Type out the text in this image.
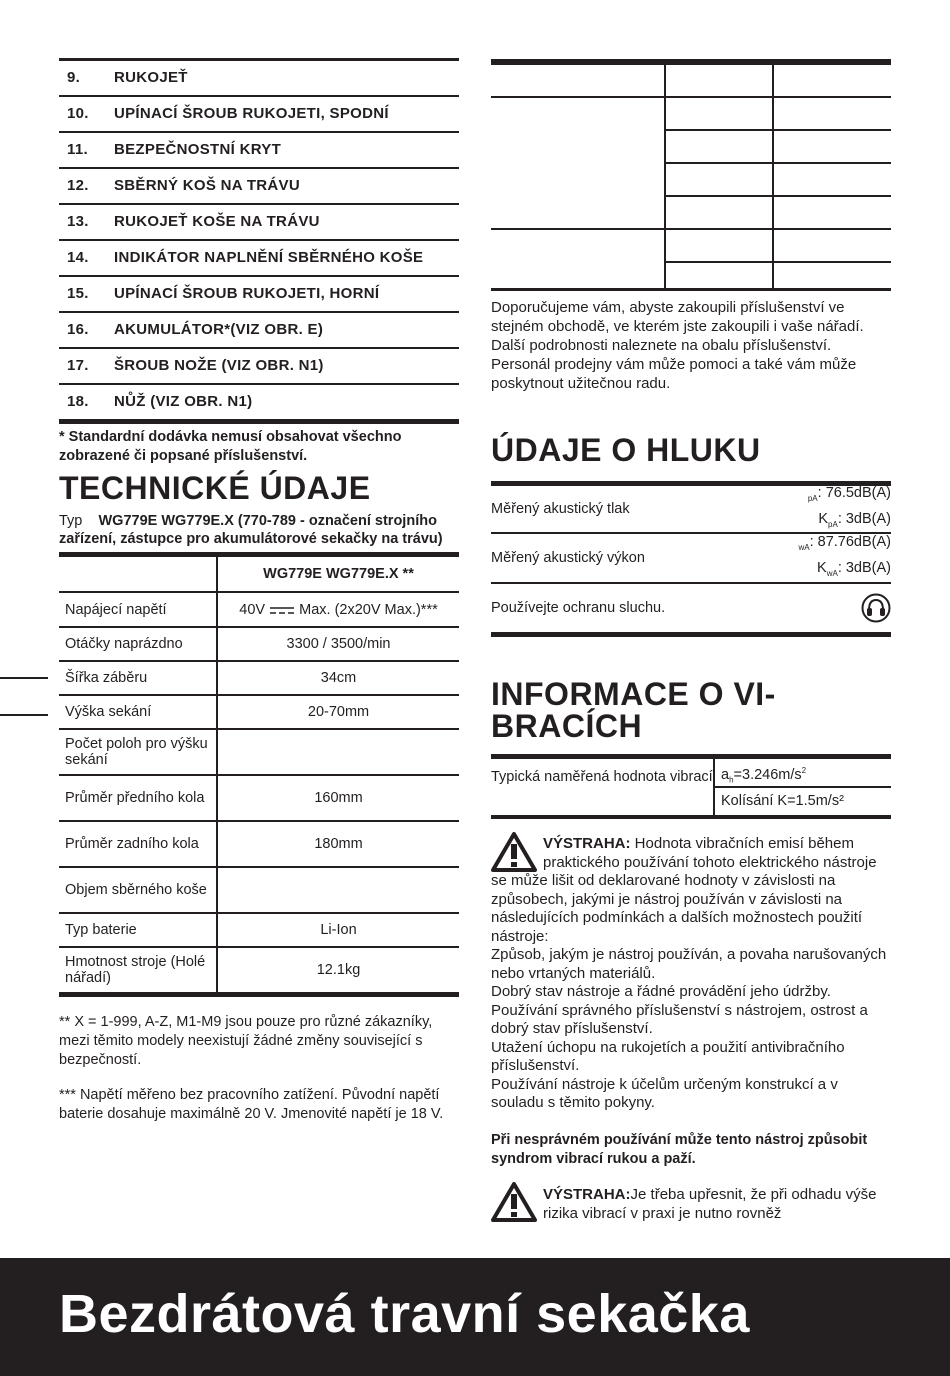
9.	RUKOJEŤ
10.	UPÍNACÍ ŠROUB RUKOJETI, SPODNÍ
11.	BEZPEČNOSTNÍ KRYT
12.	SBĚRNÝ KOŠ NA TRÁVU
13.	RUKOJEŤ KOŠE NA TRÁVU
14.	INDIKÁTOR NAPLNĚNÍ SBĚRNÉHO KOŠE
15.	UPÍNACÍ ŠROUB RUKOJETI, HORNÍ
16.	AKUMULÁTOR*(VIZ OBR. E)
17.	ŠROUB NOŽE (VIZ OBR. N1)
18.	NŮŽ (VIZ OBR. N1)
* Standardní dodávka nemusí obsahovat všechno zobrazené či popsané příslušenství.
TECHNICKÉ ÚDAJE
Typ WG779E WG779E.X (770-789 - označení strojního zařízení, zástupce pro akumulátorové sekačky na trávu)
	WG779E WG779E.X **
Napájecí napětí	40V Max. (2x20V Max.)***
Otáčky naprázdno	3300 / 3500/min
Šířka záběru	34cm
Výška sekání	20-70mm
Počet poloh pro výšku sekání	
Průměr předního kola	160mm
Průměr zadního kola	180mm
Objem sběrného koše	
Typ baterie	Li-Ion
Hmotnost stroje (Holé nářadí)	12.1kg
** X = 1-999, A-Z, M1-M9 jsou pouze pro různé zákazníky, mezi těmito modely neexistují žádné změny související s bezpečností.
*** Napětí měřeno bez pracovního zatížení. Původní napětí baterie dosahuje maximálně 20 V. Jmenovité napětí je 18 V.
Doporučujeme vám, abyste zakoupili příslušenství ve stejném obchodě, ve kterém jste zakoupili i vaše nářadí. Další podrobnosti naleznete na obalu příslušenství. Personál prodejny vám může pomoci a také vám může poskytnout užitečnou radu.
ÚDAJE O HLUKU
Měřený akustický tlak
$_{pA}$: 76.5dB(A)
$K_{pA}$: 3dB(A)
Měřený akustický výkon
$_{wA}$: 87.76dB(A)
$K_{wA}$: 3dB(A)
Používejte ochranu sluchu.
INFORMACE O VI-
BRACÍCH
Typická naměřená hodnota vibrací $a_h=3.246m/s^2$
Kolísání K=1.5m/s²
VÝSTRAHA: Hodnota vibračních emisí během praktického používání tohoto elektrického nástroje se může lišit od deklarované hodnoty v závislosti na způsobech, jakými je nástroj používán v závislosti na následujících podmínkách a dalších možnostech použití nástroje:
Způsob, jakým je nástroj používán, a povaha narušovaných nebo vrtaných materiálů.
Dobrý stav nástroje a řádné provádění jeho údržby.
Používání správného příslušenství s nástrojem, ostrost a dobrý stav příslušenství.
Utažení úchopu na rukojetích a použití antivibračního příslušenství.
Používání nástroje k účelům určeným konstrukcí a v souladu s těmito pokyny.
Při nesprávném používání může tento nástroj způsobit syndrom vibrací rukou a paží.
VÝSTRAHA:Je třeba upřesnit, že při odhadu výše rizika vibrací v praxi je nutno rovněž
Bezdrátová travní sekačka
